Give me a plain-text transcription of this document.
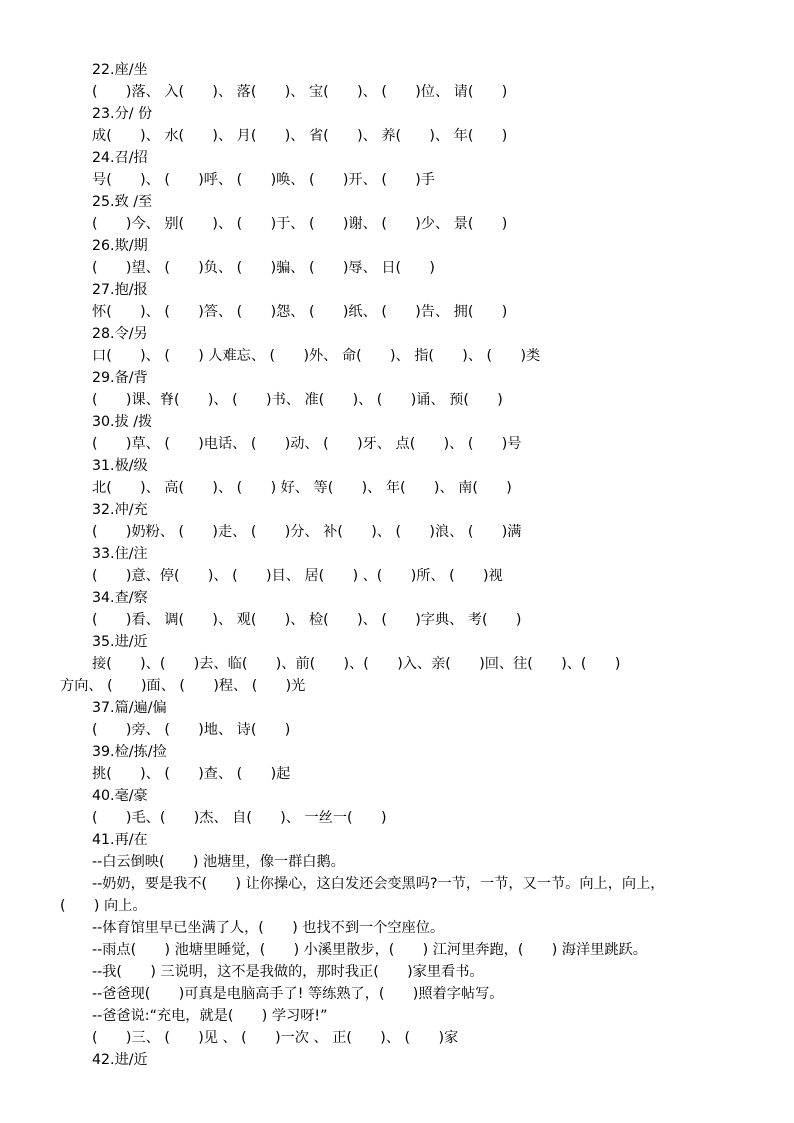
22.座/坐
(　　)落、 入(　　)、 落(　　)、 宝(　　)、 (　　)位、 请(　　)
23.分/ 份
成(　　)、 水(　　)、 月(　　)、 省(　　)、 养(　　)、 年(　　)
24.召/招
号(　　)、 (　　)呼、 (　　)唤、 (　　)开、 (　　)手
25.致 /至
(　　)今、 别(　　)、 (　　)于、 (　　)谢、 (　　)少、 景(　　)
26.欺/期
(　　)望、 (　　)负、 (　　)骗、 (　　)辱、 日(　　)
27.抱/报
怀(　　)、 (　　)答、 (　　)怨、 (　　)纸、 (　　)告、 拥(　　)
28.令/另
口(　　)、 (　　) 人难忘、 (　　)外、 命(　　)、 指(　　)、 (　　)类
29.备/背
(　　)课、脊(　　)、 (　　)书、 准(　　)、 (　　)诵、 预(　　)
30.拔 /拨
(　　)草、 (　　)电话、 (　　)动、 (　　)牙、 点(　　)、 (　　)号
31.极/级
北(　　)、 高(　　)、 (　　) 好、 等(　　)、 年(　　)、 南(　　)
32.冲/充
(　　)奶粉、 (　　)走、 (　　)分、 补(　　)、 (　　)浪、 (　　)满
33.住/注
(　　)意、停(　　)、 (　　)目、 居(　　) 、(　　)所、 (　　)视
34.查/察
(　　)看、 调(　　)、 观(　　)、 检(　　)、 (　　)字典、 考(　　)
35.进/近
接(　　)、(　　)去、临(　　)、前(　　)、(　　)入、亲(　　)回、往(　　)、(　　)
方向、 (　　)面、 (　　)程、 (　　)光
37.篇/遍/偏
(　　)旁、 (　　)地、 诗(　　)
39.检/拣/捡
挑(　　)、 (　　)查、 (　　)起
40.毫/豪
(　　)毛、(　　)杰、 自(　　)、 一丝一(　　)
41.再/在
--白云倒映(　　) 池塘里，像一群白鹅。
--奶奶，要是我不(　　) 让你操心，这白发还会变黑吗?一节，一节，又一节。向上，向上，
(　　) 向上。
--体育馆里早已坐满了人，(　　) 也找不到一个空座位。
--雨点(　　) 池塘里睡觉，(　　) 小溪里散步，(　　) 江河里奔跑，(　　) 海洋里跳跃。
--我(　　) 三说明，这不是我做的，那时我正(　　)家里看书。
--爸爸现(　　)可真是电脑高手了! 等练熟了，(　　)照着字帖写。
--爸爸说:“充电，就是(　　) 学习呀!”
(　　)三、 (　　)见 、 (　　)一次 、 正(　　)、 (　　)家
42.进/近
